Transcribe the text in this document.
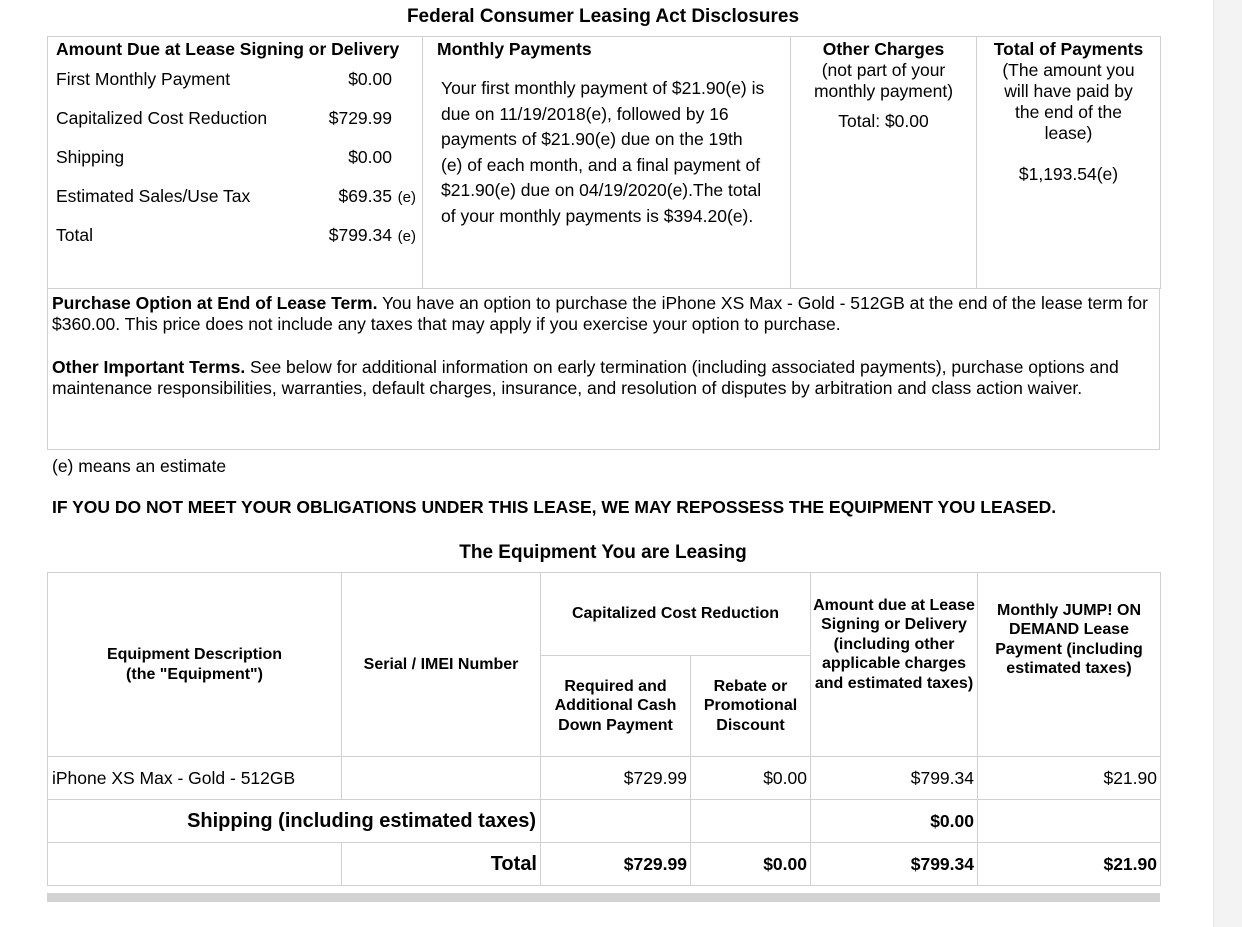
Federal Consumer Leasing Act Disclosures
Amount Due at Lease Signing or Delivery
First Monthly Payment	$0.00
Capitalized Cost Reduction	$729.99
Shipping	$0.00
Estimated Sales/Use Tax	$69.35 (e)
Total	$799.34 (e)

Monthly Payments
Your first monthly payment of $21.90(e) is due on 11/19/2018(e), followed by 16 payments of $21.90(e) due on the 19th (e) of each month, and a final payment of $21.90(e) due on 04/19/2020(e).The total of your monthly payments is $394.20(e).

Other Charges
(not part of your monthly payment)
Total: $0.00

Total of Payments
(The amount you will have paid by the end of the lease)
$1,193.54(e)

Purchase Option at End of Lease Term. You have an option to purchase the iPhone XS Max - Gold - 512GB at the end of the lease term for $360.00. This price does not include any taxes that may apply if you exercise your option to purchase.

Other Important Terms. See below for additional information on early termination (including associated payments), purchase options and maintenance responsibilities, warranties, default charges, insurance, and resolution of disputes by arbitration and class action waiver.

(e) means an estimate
IF YOU DO NOT MEET YOUR OBLIGATIONS UNDER THIS LEASE, WE MAY REPOSSESS THE EQUIPMENT YOU LEASED.
The Equipment You are Leasing
Equipment Description (the "Equipment")	Serial / IMEI Number	Capitalized Cost Reduction		Amount due at Lease Signing or Delivery (including other applicable charges and estimated taxes)	Monthly JUMP! ON DEMAND Lease Payment (including estimated taxes)

		Required and Additional Cash Down Payment	Rebate or Promotional Discount		
iPhone XS Max - Gold - 512GB		$729.99	$0.00	$799.34	$21.90
Shipping (including estimated taxes)				$0.00	
	Total	$729.99	$0.00	$799.34	$21.90
